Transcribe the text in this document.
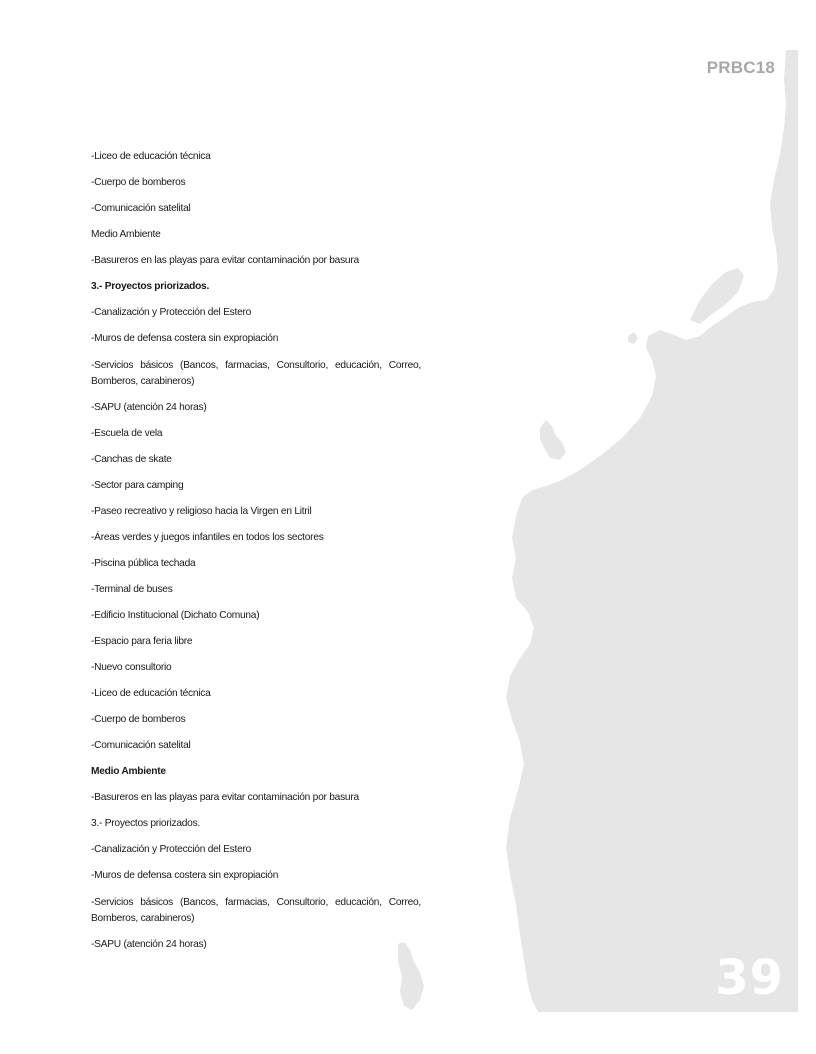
PRBC18
-Liceo de educación técnica
-Cuerpo de bomberos
-Comunicación satelital
Medio Ambiente
-Basureros en las playas para evitar contaminación por basura
3.- Proyectos priorizados.
-Canalización y Protección del Estero
-Muros de defensa costera sin expropiación
-Servicios básicos (Bancos, farmacias, Consultorio, educación, Correo, Bomberos, carabineros)
-SAPU (atención 24 horas)
-Escuela de vela
-Canchas de skate
-Sector para camping
-Paseo recreativo y religioso hacia la Virgen en Litril
-Áreas verdes y juegos infantiles en todos los sectores
-Piscina pública techada
-Terminal de buses
-Edificio Institucional (Dichato Comuna)
-Espacio para feria libre
-Nuevo consultorio
-Liceo de educación técnica
-Cuerpo de bomberos
-Comunicación satelital
Medio Ambiente
-Basureros en las playas para evitar contaminación por basura
3.- Proyectos priorizados.
-Canalización y Protección del Estero
-Muros de defensa costera sin expropiación
-Servicios básicos (Bancos, farmacias, Consultorio, educación, Correo, Bomberos, carabineros)
-SAPU (atención 24 horas)
39
